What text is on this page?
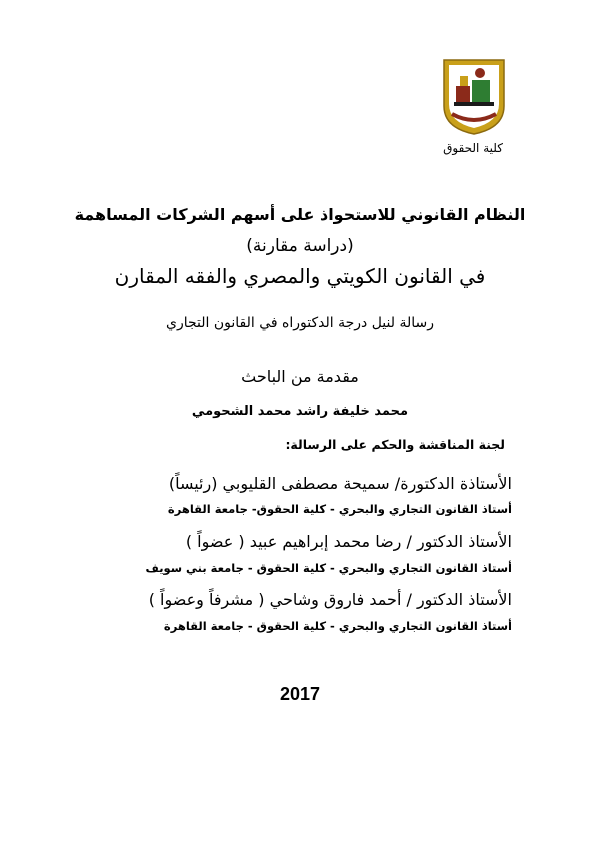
كلية الحقوق
النظام القانوني للاستحواذ على أسهم الشركات المساهمة
(دراسة مقارنة)
في القانون الكويتي والمصري والفقه المقارن
رسالة لنيل درجة الدكتوراه في القانون التجاري
مقدمة من الباحث
محمد خليفة راشد محمد الشحومي
لجنة المناقشة والحكم على الرسالة:
الأستاذة الدكتورة/ سميحة مصطفى القليوبي (رئيساً)
أستاذ القانون التجاري والبحري - كلية الحقوق- جامعة القاهرة
الأستاذ الدكتور / رضا محمد إبراهيم عبيد ( عضواً )
أستاذ القانون التجاري والبحري - كلية الحقوق - جامعة بني سويف
الأستاذ الدكتور / أحمد فاروق وشاحي ( مشرفاً وعضواً )
أستاذ القانون التجاري والبحري - كلية الحقوق - جامعة القاهرة
2017
